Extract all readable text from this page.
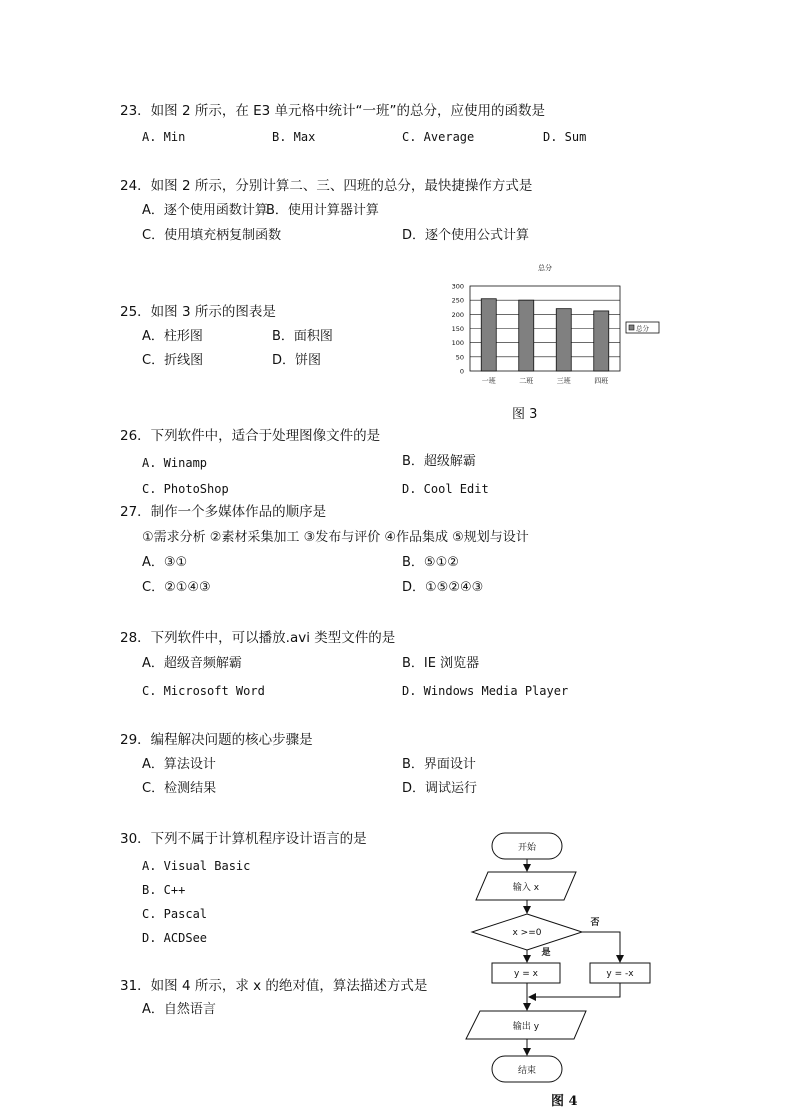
23．如图 2 所示，在 E3 单元格中统计“一班”的总分，应使用的函数是
A. Min	B. Max	C. Average	D. Sum
24．如图 2 所示，分别计算二、三、四班的总分，最快捷操作方式是
A．逐个使用函数计算
B．使用计算器计算
C．使用填充柄复制函数	D．逐个使用公式计算
25．如图 3 所示的图表是
A．柱形图	B．面积图
C．折线图	D．饼图
总分
0
50
100
150
200
250
300
一班	二班	三班	四班
总分
图 3
26．下列软件中，适合于处理图像文件的是
A. Winamp	B．超级解霸
C. PhotoShop	D. Cool Edit
27．制作一个多媒体作品的顺序是
①需求分析 ②素材采集加工 ③发布与评价 ④作品集成 ⑤规划与设计
A．③①	B．⑤①②
C．②①④③	D．①⑤②④③
28．下列软件中，可以播放.avi 类型文件的是
A．超级音频解霸	B．IE 浏览器
C. Microsoft Word	D. Windows Media Player
29．编程解决问题的核心步骤是
A．算法设计	B．界面设计
C．检测结果	D．调试运行
30．下列不属于计算机程序设计语言的是
A. Visual Basic
B. C++
C. Pascal
D. ACDSee
31．如图 4 所示，求 x 的绝对值，算法描述方式是
A．自然语言
开始
输入 x
x >=0
是
否
y = x	y = -x
输出 y
结束
图 4
